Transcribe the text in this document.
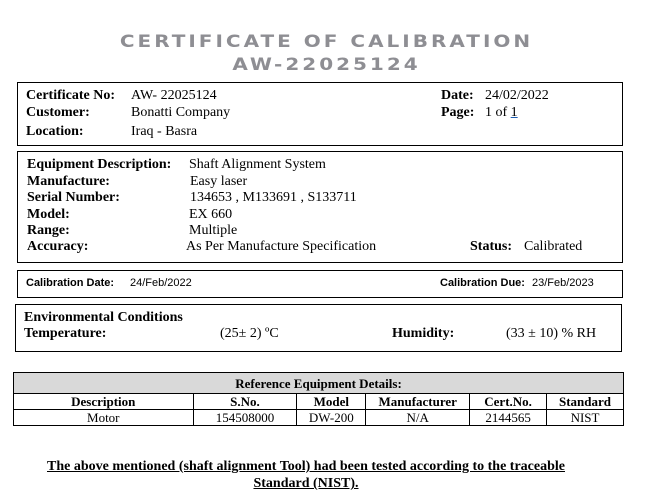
CERTIFICATE OF CALIBRATION
AW-22025124
Certificate No: AW- 22025124
Customer:	Bonatti Company
Location:	Iraq - Basra
Date: 24/02/2022
Page: 1 of 1
Equipment Description: Shaft Alignment System
Manufacture:	Easy laser
Serial Number:	134653 , M133691 , S133711
Model:	EX 660
Range:	Multiple
Accuracy:	As Per Manufacture Specification	Status: Calibrated
Calibration Date: 24/Feb/2022	Calibration Due: 23/Feb/2023
Environmental Conditions
Temperature:	(25± 2) ºC	Humidity:	(33 ± 10) % RH
Reference Equipment Details:					
Description	S.No.	Model	Manufacturer	Cert.No.	Standard
Motor	154508000	DW-200	N/A	2144565	NIST
The above mentioned (shaft alignment Tool) had been tested according to the traceable
Standard (NIST).
